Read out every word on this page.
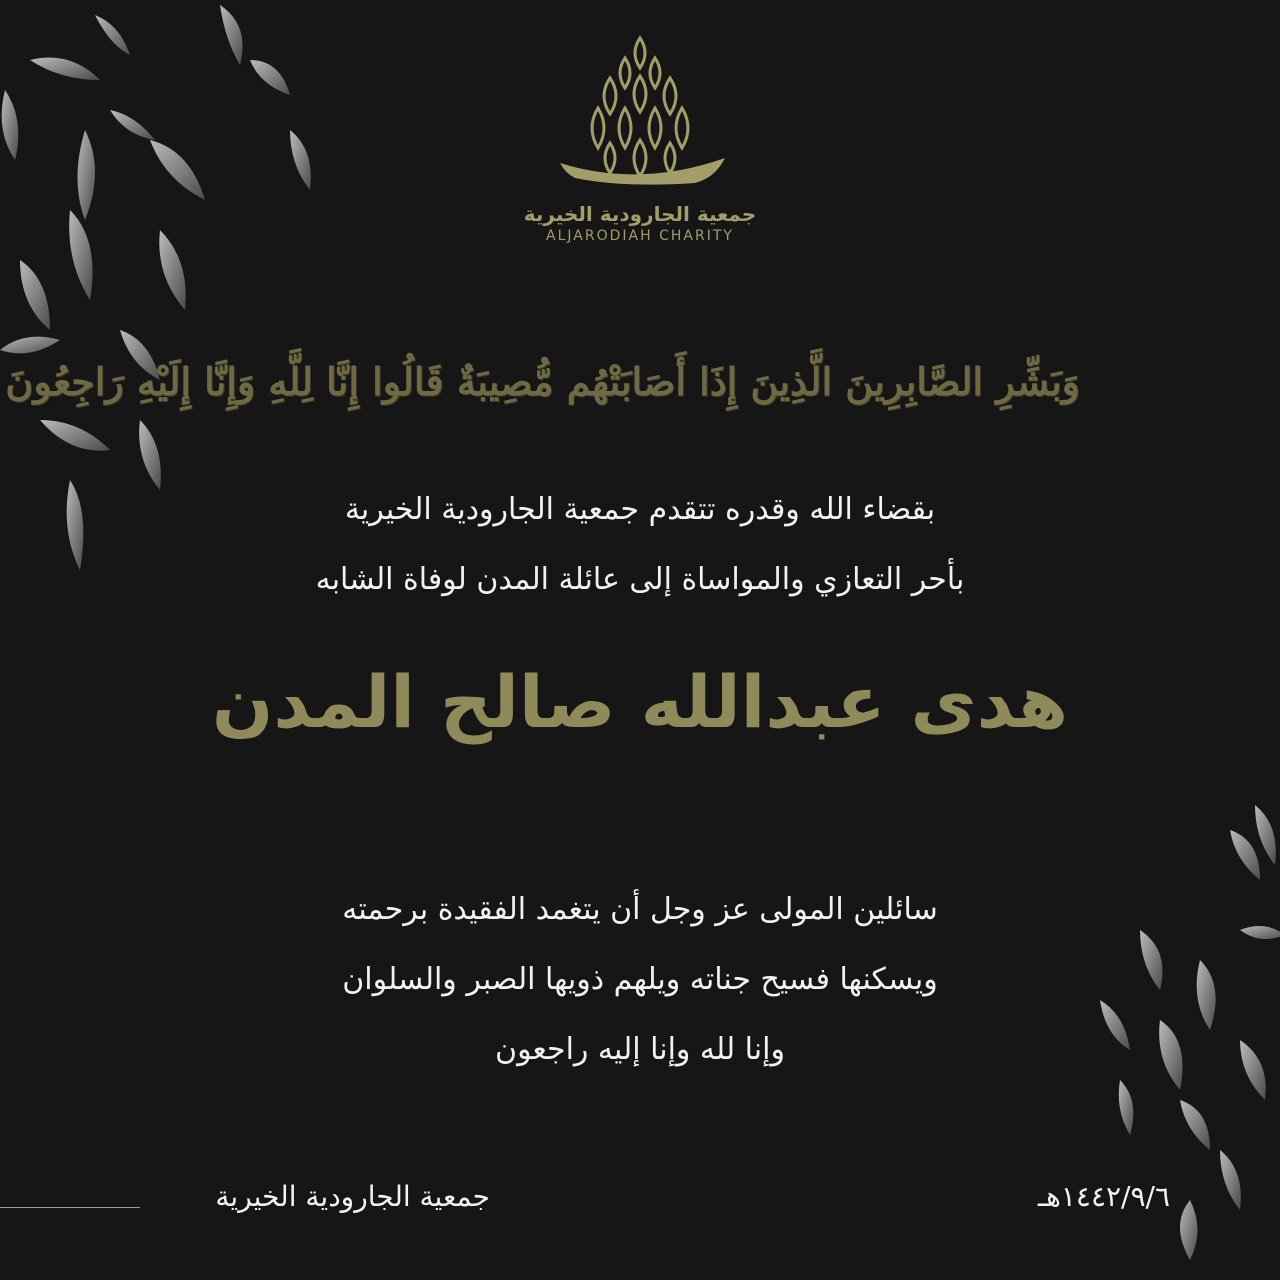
جمعية الجارودية الخيرية
ALJARODIAH CHARITY
وَبَشِّرِ الصَّابِرِينَ الَّذِينَ إِذَا أَصَابَتْهُم مُّصِيبَةٌ قَالُوا إِنَّا لِلَّهِ وَإِنَّا إِلَيْهِ رَاجِعُونَ
بقضاء الله وقدره تتقدم جمعية الجارودية الخيرية
بأحر التعازي والمواساة إلى عائلة المدن لوفاة الشابه
هدى عبدالله صالح المدن
سائلين المولى عز وجل أن يتغمد الفقيدة برحمته
ويسكنها فسيح جناته ويلهم ذويها الصبر والسلوان
وإنا لله وإنا إليه راجعون
جمعية الجارودية الخيرية	١٤٤٢/٩/٦هـ
